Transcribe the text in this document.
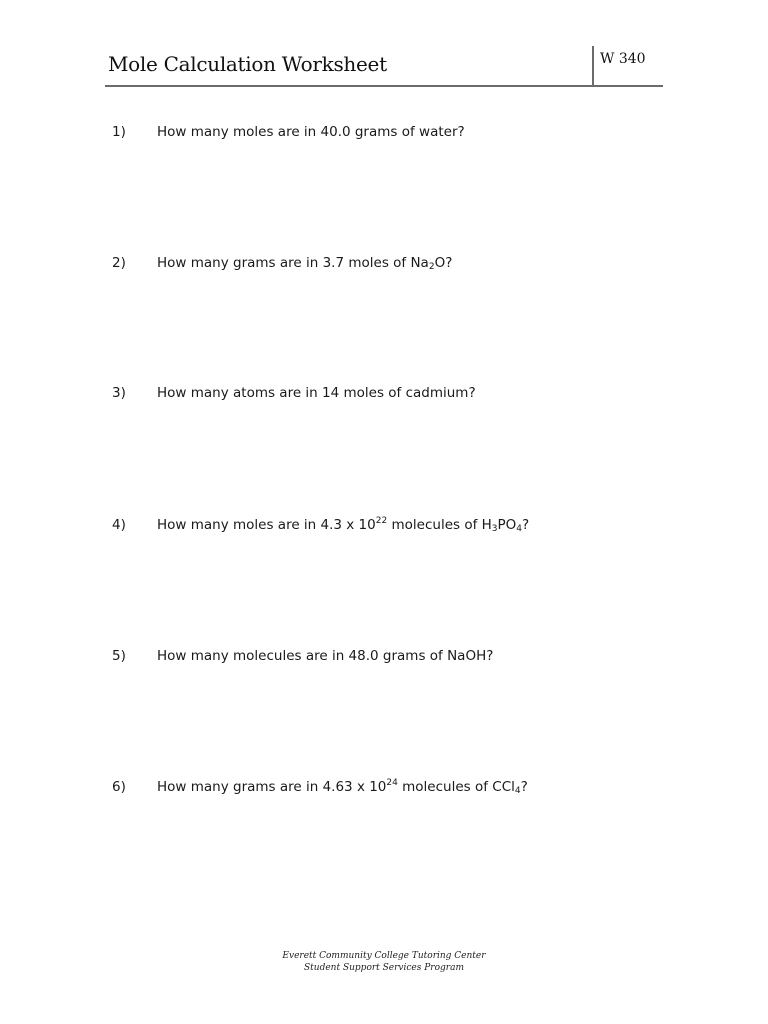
Mole Calculation Worksheet	W 340
1) How many moles are in 40.0 grams of water?
2) How many grams are in 3.7 moles of $Na_2O$?
3) How many atoms are in 14 moles of cadmium?
4) How many moles are in 4.3 x $10^{22}$ molecules of $H_3PO_4$?
5) How many molecules are in 48.0 grams of NaOH?
6) How many grams are in 4.63 x $10^{24}$ molecules of CCl$_4$?
Everett Community College Tutoring Center
Student Support Services Program
